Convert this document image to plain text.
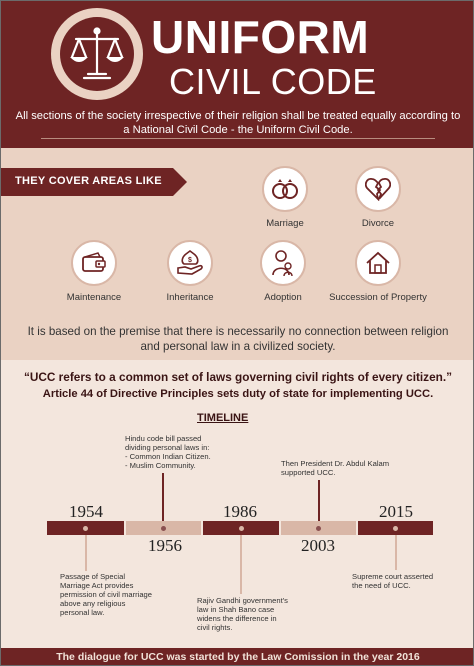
UNIFORM
CIVIL CODE
All sections of the society irrespective of their religion shall be treated equally according to a National Civil Code - the Uniform Civil Code.
THEY COVER AREAS LIKE
Marriage	Divorce
Maintenance
$
Inheritance	Adoption	Succession of Property
It is based on the premise that there is necessarily no connection between religion and personal law in a civilized society.
“UCC refers to a common set of laws governing civil rights of every citizen.”
Article 44 of Directive Principles sets duty of state for implementing UCC.
TIMELINE
Hindu code bill passed
dividing personal laws in:
- Common Indian Citizen.
- Muslim Community.	Then President Dr. Abdul Kalam
supported UCC.
1954	1986	2015
1956	2003
Passage of Special
Marriage Act provides
permission of civil marriage
above any religious
personal law.
Rajiv Gandhi government's
law in Shah Bano case
widens the difference in
civil rights.
Supreme court asserted
the need of UCC.
The dialogue for UCC was started by the Law Comission in the year 2016
